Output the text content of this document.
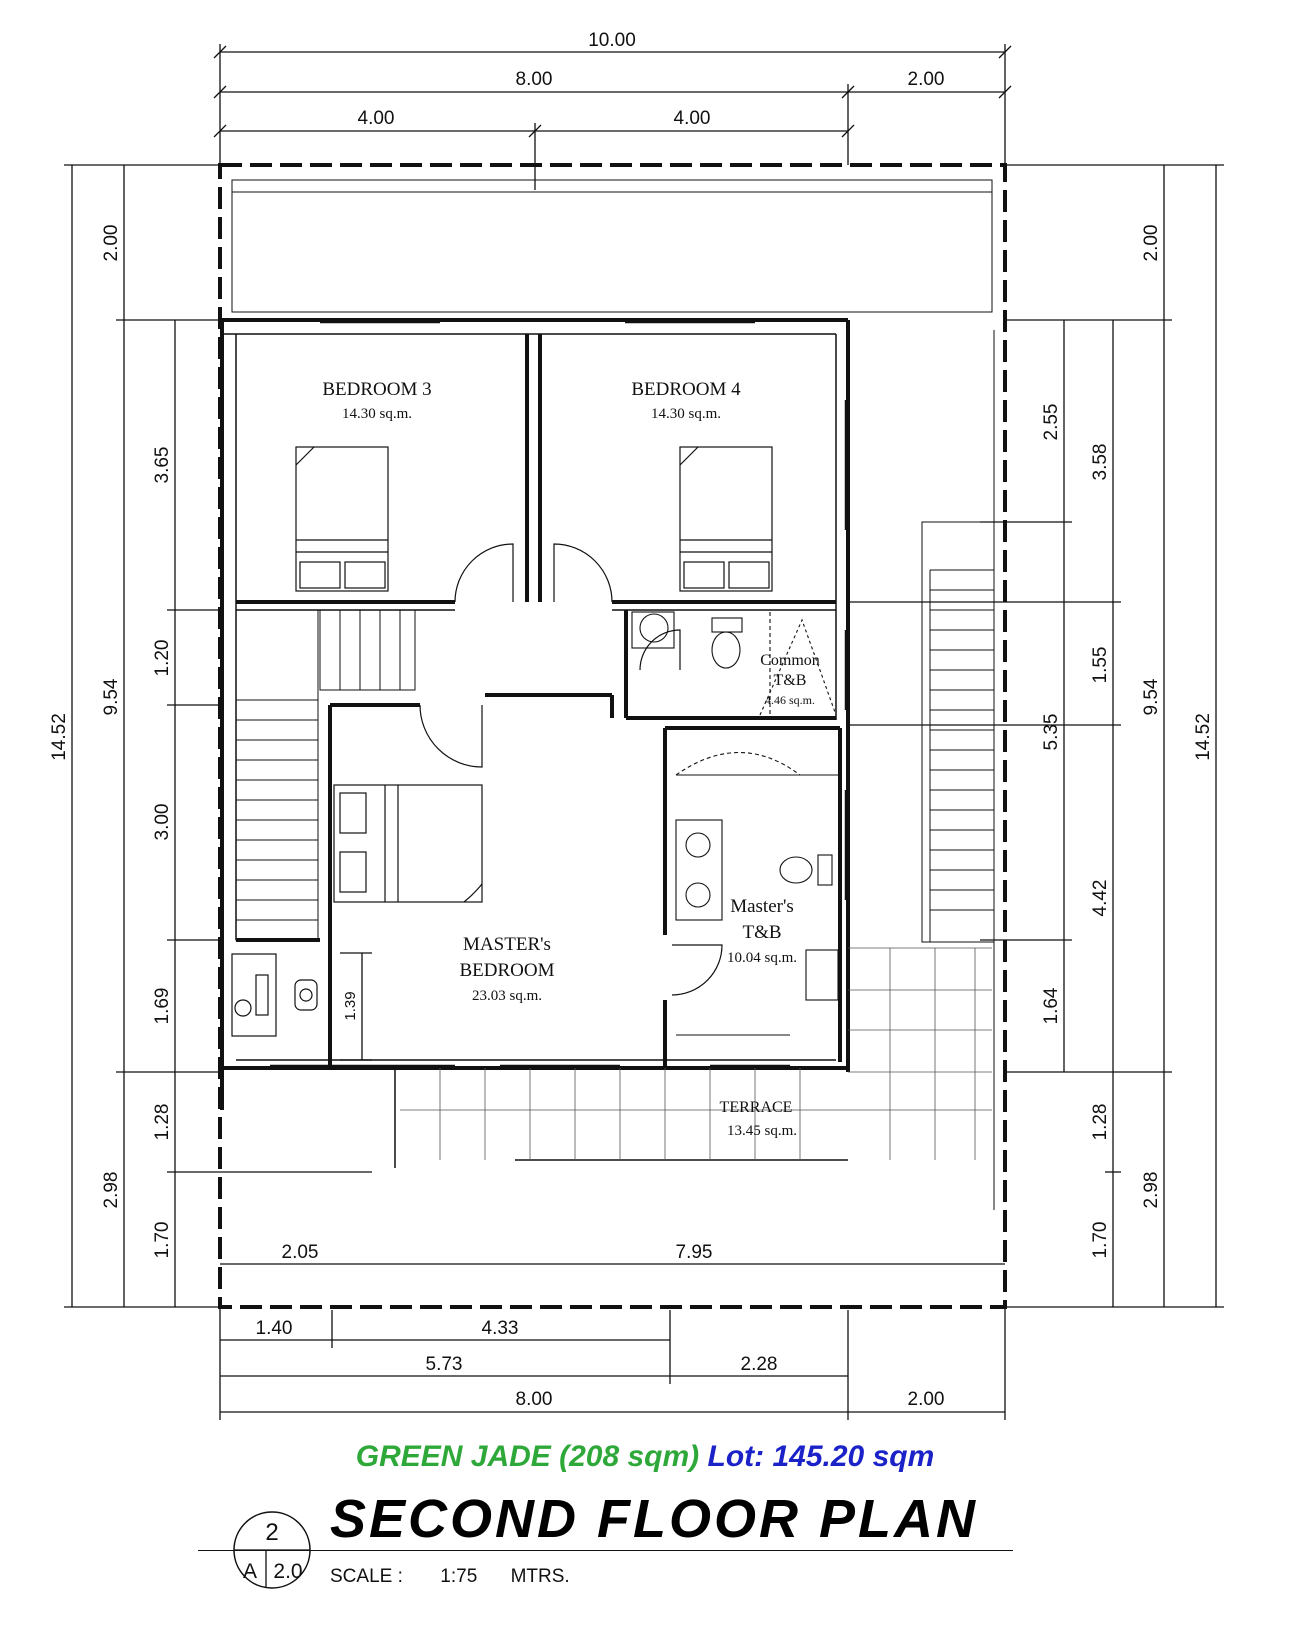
10.00
8.00	2.00
4.00	4.00
14.52
9.54
2.00
2.98
3.65
1.20
3.00
1.69
1.28
1.70
1.39
14.52
9.54
2.00
2.98
2.55
5.35
1.64
3.58
1.55
4.42
1.28
1.70
2.05	7.95
1.40	4.33
5.73	2.28
8.00	2.00
BEDROOM 3
14.30 sq.m.
BEDROOM 4
14.30 sq.m.
Common
T&B
4.46 sq.m.
MASTER's
BEDROOM
23.03 sq.m.
Master's
T&B
10.04 sq.m.
TERRACE
13.45 sq.m.
GREEN JADE (208 sqm) Lot: 145.20 sqm
2
A 2.0
SECOND FLOOR PLAN
SCALE : 1:75 MTRS.
